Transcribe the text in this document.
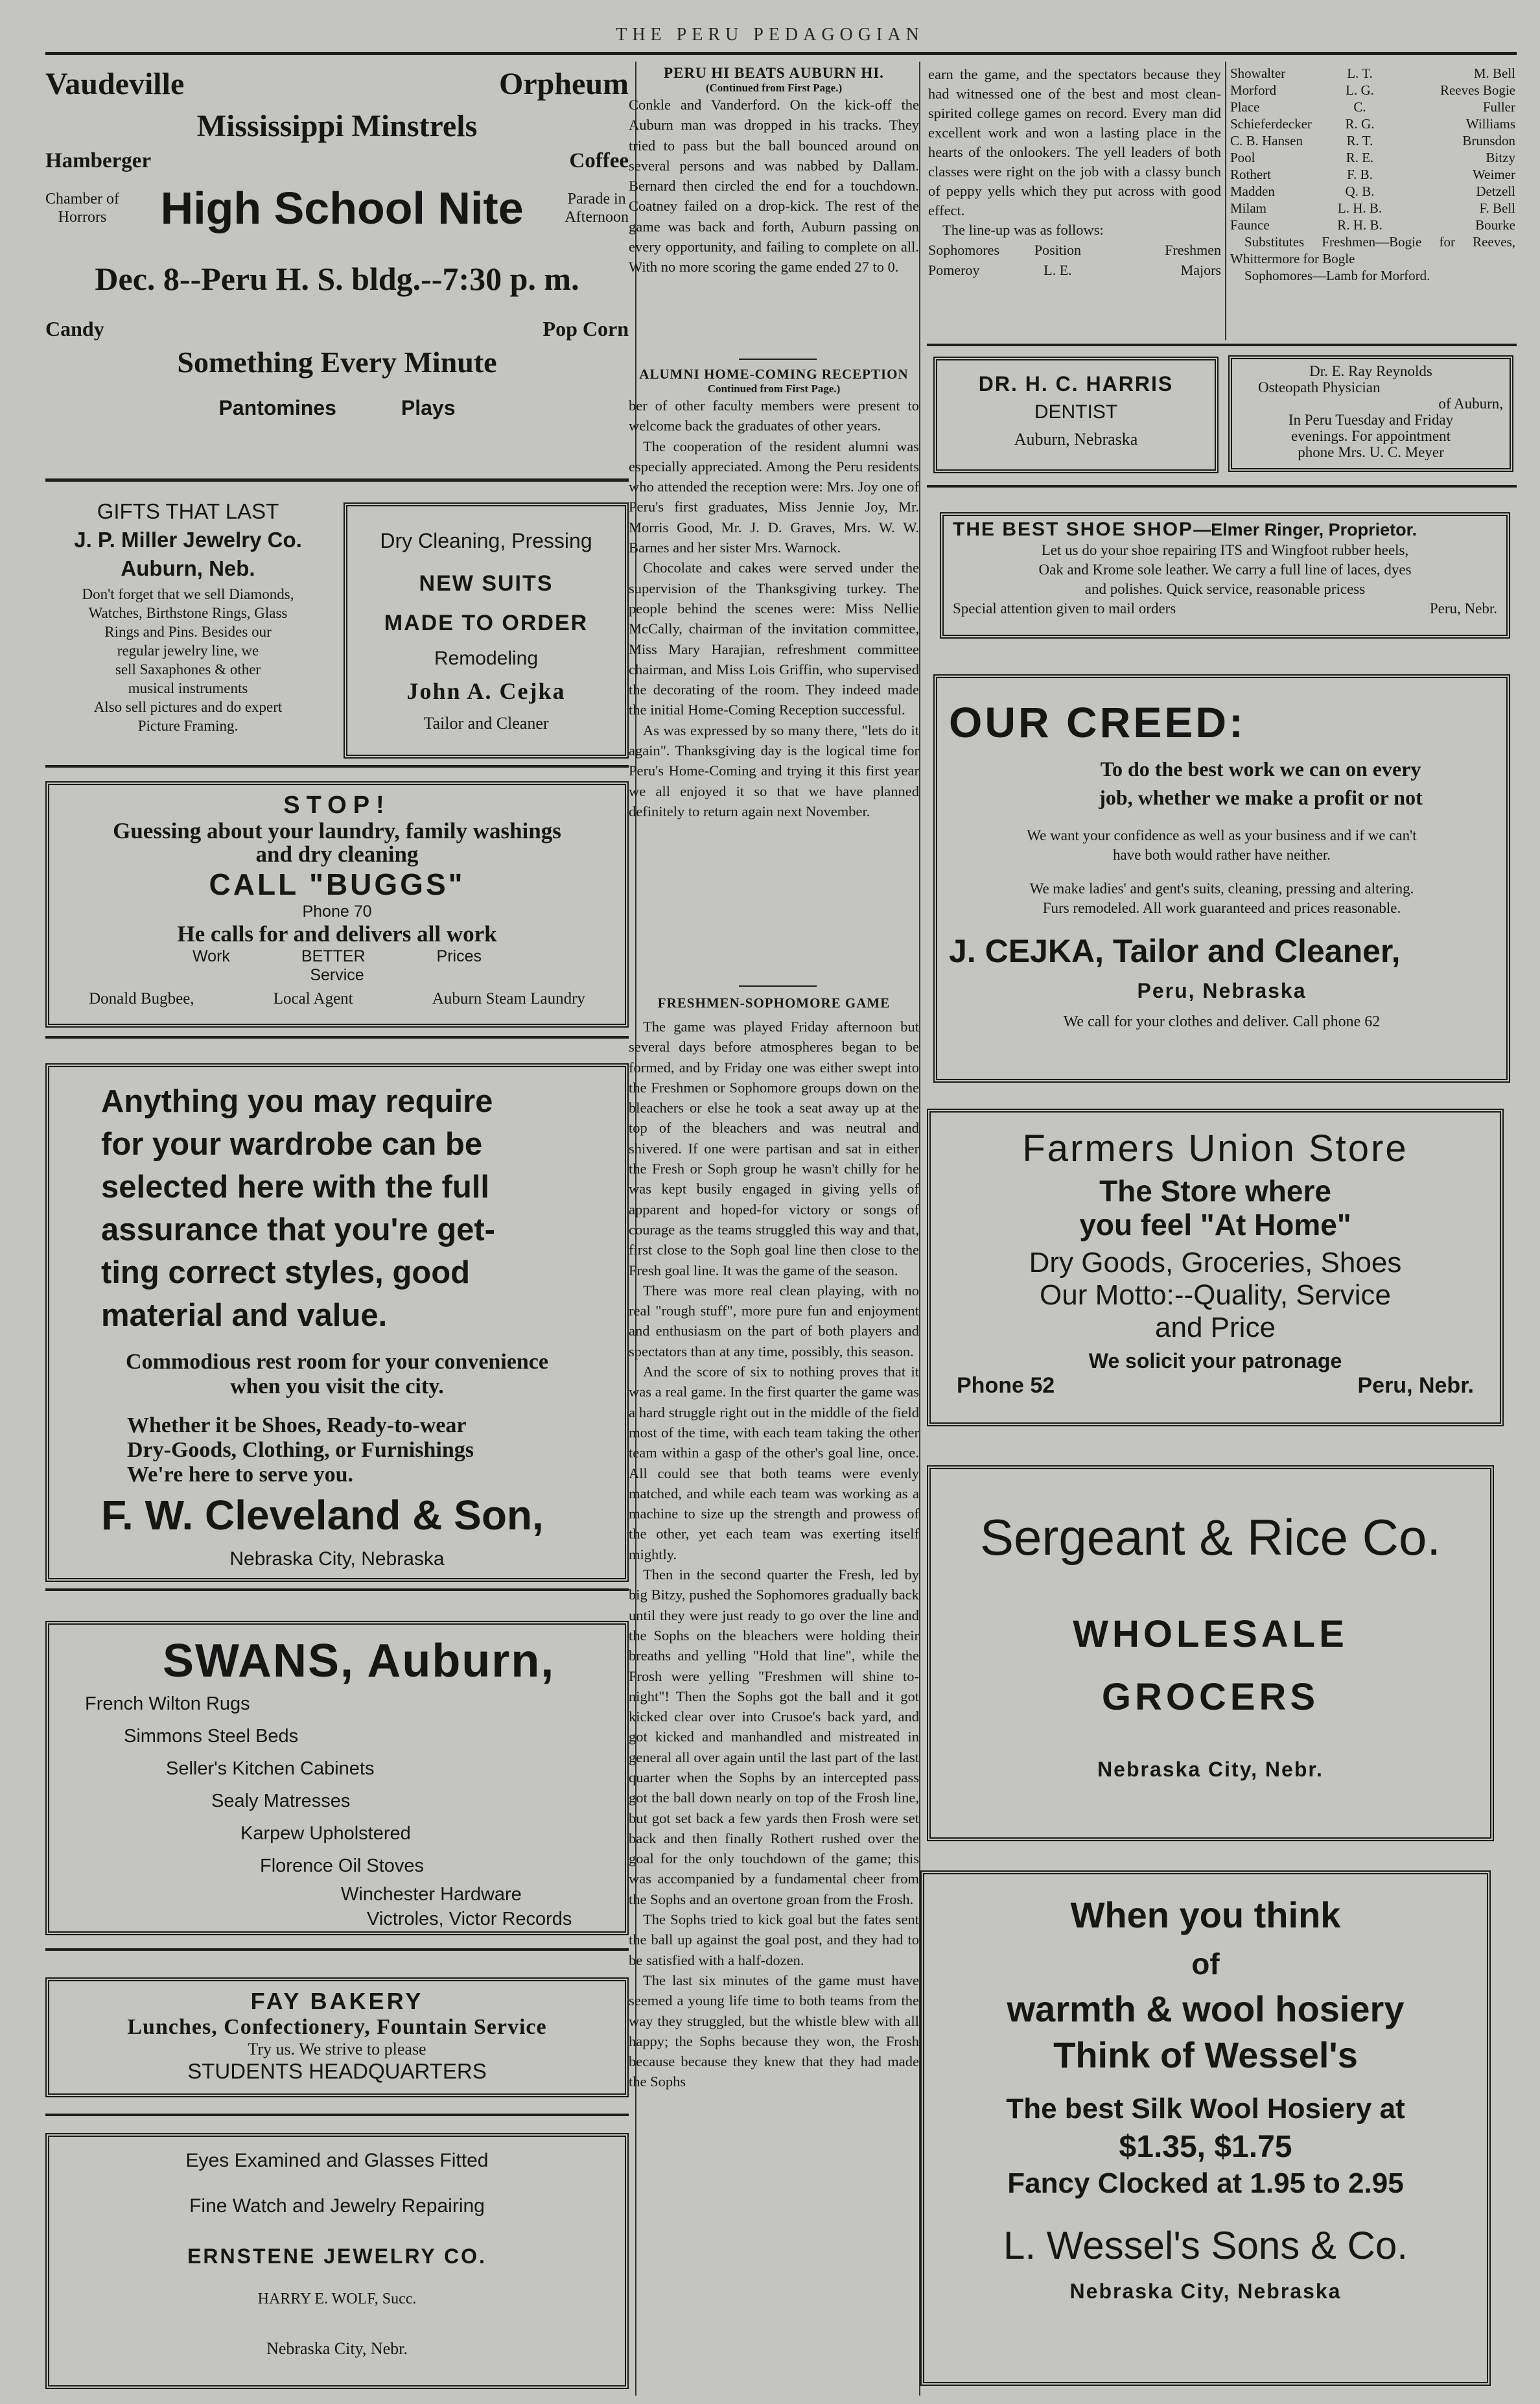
THE PERU PEDAGOGIAN
Vaudeville	Orpheum
Mississippi Minstrels
Hamberger	Coffee
Chamber of
Horrors High School Nite	Parade in
Afternoon
Dec. 8--Peru H. S. bldg.--7:30 p. m.
Candy	Pop Corn
Something Every Minute
Pantomines	Plays
GIFTS THAT LAST
J. P. Miller Jewelry Co.
Auburn, Neb.
Don't forget that we sell Diamonds,
Watches, Birthstone Rings, Glass
Rings and Pins. Besides our
regular jewelry line, we
sell Saxaphones & other
musical instruments
Also sell pictures and do expert
Picture Framing.
Dry Cleaning, Pressing
NEW SUITS
MADE TO ORDER
Remodeling
John A. Cejka
Tailor and Cleaner
STOP!
Guessing about your laundry, family washings
and dry cleaning
CALL "BUGGS"
Phone 70
He calls for and delivers all work
Work	BETTER	Prices
Service
Donald Bugbee,	Local Agent	Auburn Steam Laundry
Anything you may require
for your wardrobe can be
selected here with the full
assurance that you're get-
ting correct styles, good
material and value.
Commodious rest room for your convenience
when you visit the city.
Whether it be Shoes, Ready-to-wear
Dry-Goods, Clothing, or Furnishings
We're here to serve you.
F. W. Cleveland & Son,
Nebraska City, Nebraska
SWANS, Auburn,
French Wilton Rugs
Simmons Steel Beds
Seller's Kitchen Cabinets
Sealy Matresses
Karpew Upholstered
Florence Oil Stoves
Winchester Hardware
Victroles, Victor Records
FAY BAKERY
Lunches, Confectionery, Fountain Service
Try us. We strive to please
STUDENTS HEADQUARTERS
Eyes Examined and Glasses Fitted
Fine Watch and Jewelry Repairing
ERNSTENE JEWELRY CO.
HARRY E. WOLF, Succ.
Nebraska City, Nebr.
PERU HI BEATS AUBURN HI.
(Continued from First Page.)

Conkle and Vanderford. On the kick-off the Auburn man was dropped in his tracks. They tried to pass but the ball bounced around on several persons and was nabbed by Dallam. Bernard then circled the end for a touchdown. Coatney failed on a drop-kick. The rest of the game was back and forth, Auburn passing on every opportunity, and failing to complete on all. With no more scoring the game ended 27 to 0.

ALUMNI HOME-COMING RECEPTION
Continued from First Page.)

ber of other faculty members were present to welcome back the graduates of other years.

The cooperation of the resident alumni was especially appreciated. Among the Peru residents who attended the reception were: Mrs. Joy one of Peru's first graduates, Miss Jennie Joy, Mr. Morris Good, Mr. J. D. Graves, Mrs. W. W. Barnes and her sister Mrs. Warnock.

Chocolate and cakes were served under the supervision of the Thanksgiving turkey. The people behind the scenes were: Miss Nellie McCally, chairman of the invitation committee, Miss Mary Harajian, refreshment committee chairman, and Miss Lois Griffin, who supervised the decorating of the room. They indeed made the initial Home-Coming Reception successful.

As was expressed by so many there, "lets do it again". Thanksgiving day is the logical time for Peru's Home-Coming and trying it this first year we all enjoyed it so that we have planned definitely to return again next November.

FRESHMEN-SOPHOMORE GAME

The game was played Friday afternoon but several days before atmospheres began to be formed, and by Friday one was either swept into the Freshmen or Sophomore groups down on the bleachers or else he took a seat away up at the top of the bleachers and was neutral and shivered. If one were partisan and sat in either the Fresh or Soph group he wasn't chilly for he was kept busily engaged in giving yells of apparent and hoped-for victory or songs of courage as the teams struggled this way and that, first close to the Soph goal line then close to the Fresh goal line. It was the game of the season.

There was more real clean playing, with no real "rough stuff", more pure fun and enjoyment and enthusiasm on the part of both players and spectators than at any time, possibly, this season.

And the score of six to nothing proves that it was a real game. In the first quarter the game was a hard struggle right out in the middle of the field most of the time, with each team taking the other team within a gasp of the other's goal line, once. All could see that both teams were evenly matched, and while each team was working as a machine to size up the strength and prowess of the other, yet each team was exerting itself mightly.

Then in the second quarter the Fresh, led by big Bitzy, pushed the Sophomores gradually back until they were just ready to go over the line and the Sophs on the bleachers were holding their breaths and yelling "Hold that line", while the Frosh were yelling "Freshmen will shine to-night"! Then the Sophs got the ball and it got kicked clear over into Crusoe's back yard, and got kicked and manhandled and mistreated in general all over again until the last part of the last quarter when the Sophs by an intercepted pass got the ball down nearly on top of the Frosh line, but got set back a few yards then Frosh were set back and then finally Rothert rushed over the goal for the only touchdown of the game; this was accompanied by a fundamental cheer from the Sophs and an overtone groan from the Frosh.

The Sophs tried to kick goal but the fates sent the ball up against the goal post, and they had to be satisfied with a half-dozen.

The last six minutes of the game must have seemed a young life time to both teams from the way they struggled, but the whistle blew with all happy; the Sophs because they won, the Frosh because because they knew that they had made the Sophs

earn the game, and the spectators because they had witnessed one of the best and most clean-spirited college games on record. Every man did excellent work and won a lasting place in the hearts of the onlookers. The yell leaders of both classes were right on the job with a classy bunch of peppy yells which they put across with good effect.

The line-up was as follows:

Sophomores	Position	Freshmen
Pomeroy	L. E.	Majors
Showalter	L. T.	M. Bell
Morford	L. G.	Reeves Bogie
Place	C.	Fuller
Schieferdecker	R. G.	Williams
C. B. Hansen	R. T.	Brunsdon
Pool	R. E.	Bitzy
Rothert	F. B.	Weimer
Madden	Q. B.	Detzell
Milam	L. H. B.	F. Bell
Faunce	R. H. B.	Bourke

Substitutes Freshmen—Bogie for Reeves, Whittermore for Bogle

Sophomores—Lamb for Morford.

DR. H. C. HARRIS
DENTIST
Auburn, Nebraska
Dr. E. Ray Reynolds
Osteopath Physician
of Auburn,
In Peru Tuesday and Friday
evenings. For appointment
phone Mrs. U. C. Meyer
THE BEST SHOE SHOP—Elmer Ringer, Proprietor.
Let us do your shoe repairing ITS and Wingfoot rubber heels,
Oak and Krome sole leather. We carry a full line of laces, dyes
and polishes. Quick service, reasonable pricess
Special attention given to mail orders	Peru, Nebr.
OUR CREED:
To do the best work we can on every
job, whether we make a profit or not
We want your confidence as well as your business and if we can't
have both would rather have neither.
We make ladies' and gent's suits, cleaning, pressing and altering.
Furs remodeled. All work guaranteed and prices reasonable.
J. CEJKA, Tailor and Cleaner,
Peru, Nebraska
We call for your clothes and deliver. Call phone 62
Farmers Union Store
The Store where
you feel "At Home"
Dry Goods, Groceries, Shoes
Our Motto:--Quality, Service
and Price
We solicit your patronage
Phone 52	Peru, Nebr.
Sergeant & Rice Co.
WHOLESALE
GROCERS
Nebraska City, Nebr.
When you think
of
warmth & wool hosiery
Think of Wessel's
The best Silk Wool Hosiery at
$1.35, $1.75
Fancy Clocked at 1.95 to 2.95
L. Wessel's Sons & Co.
Nebraska City, Nebraska
